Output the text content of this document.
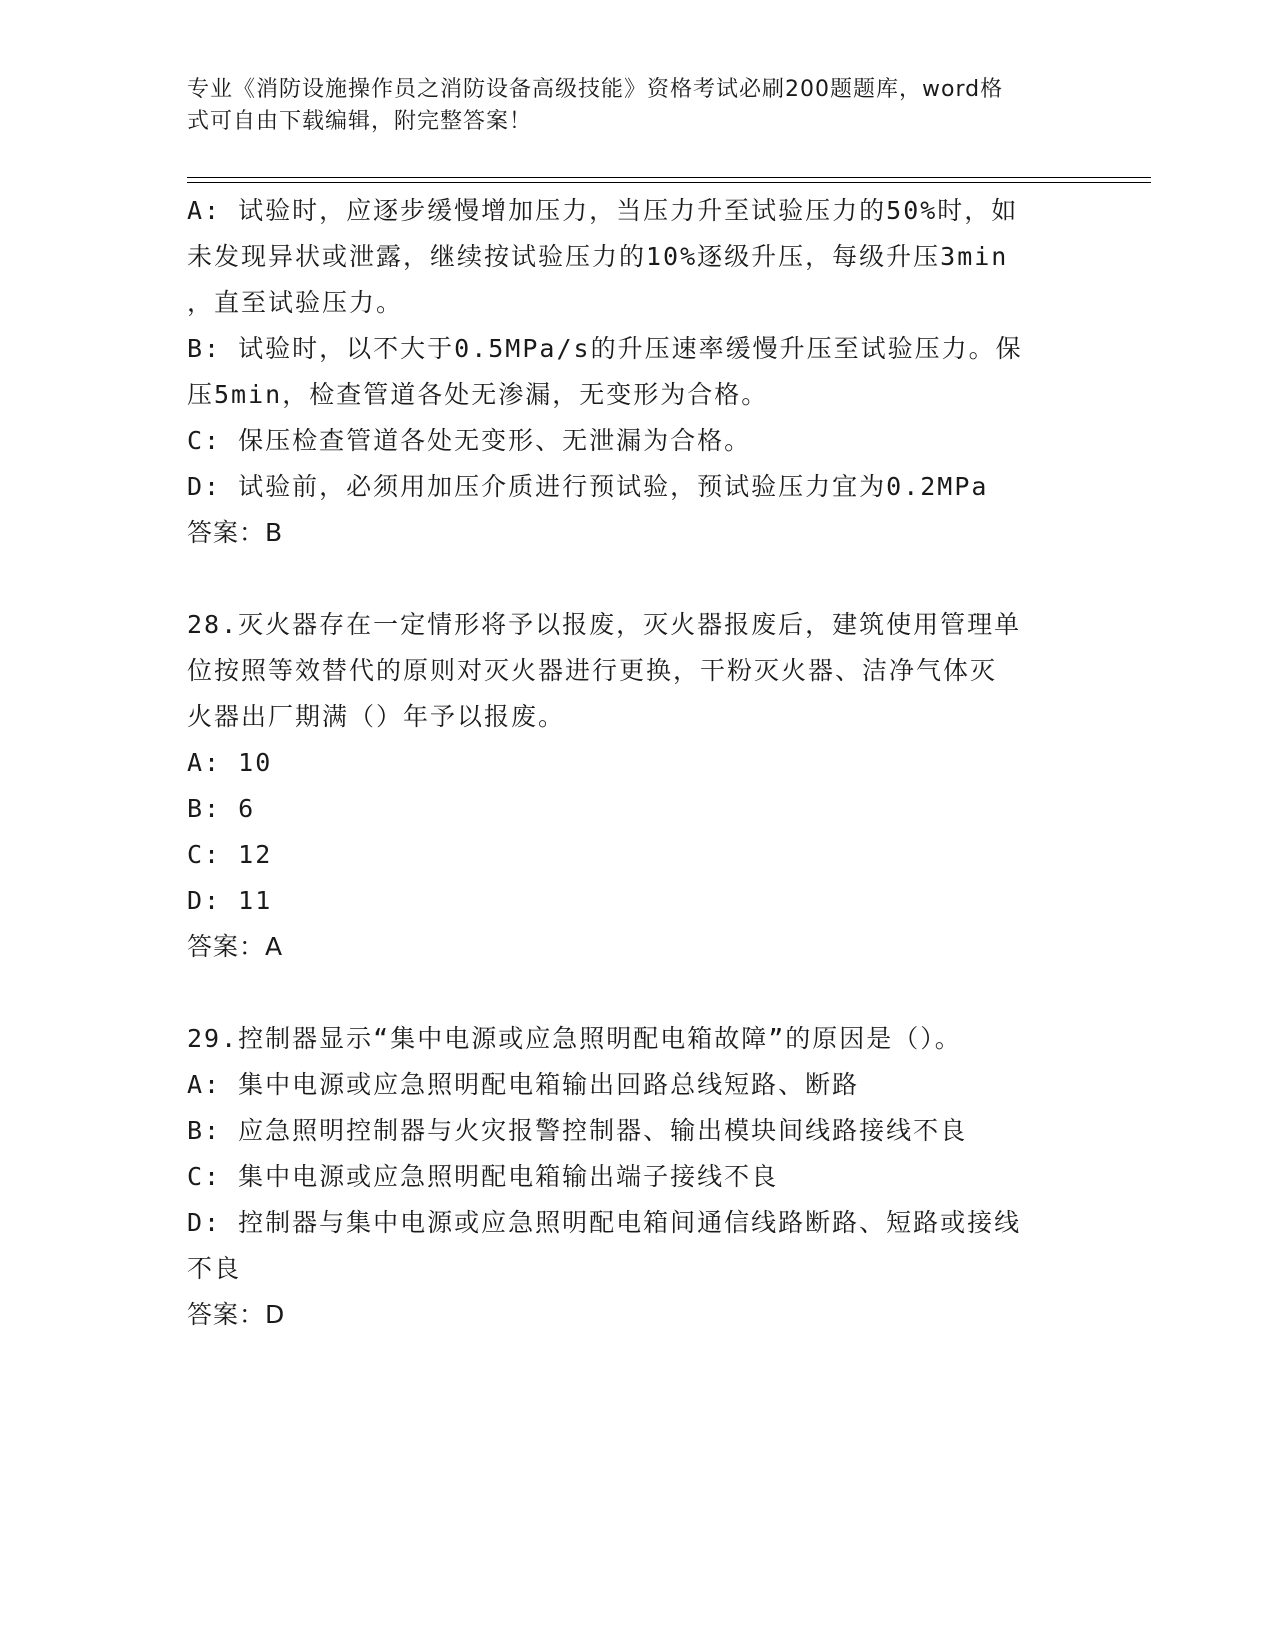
专业《消防设施操作员之消防设备高级技能》资格考试必刷200题题库，word格
式可自由下载编辑，附完整答案！
A: 试验时，应逐步缓慢增加压力，当压力升至试验压力的50%时，如
未发现异状或泄露，继续按试验压力的10%逐级升压，每级升压3min
，直至试验压力。
B: 试验时，以不大于0.5MPa/s的升压速率缓慢升压至试验压力。保
压5min，检查管道各处无渗漏，无变形为合格。
C: 保压检查管道各处无变形、无泄漏为合格。
D: 试验前，必须用加压介质进行预试验，预试验压力宜为0.2MPa
答案：B
28.灭火器存在一定情形将予以报废，灭火器报废后，建筑使用管理单
位按照等效替代的原则对灭火器进行更换，干粉灭火器、洁净气体灭
火器出厂期满（）年予以报废。
A: 10
B: 6
C: 12
D: 11
答案：A
29.控制器显示“集中电源或应急照明配电箱故障”的原因是（）。
A: 集中电源或应急照明配电箱输出回路总线短路、断路
B: 应急照明控制器与火灾报警控制器、输出模块间线路接线不良
C: 集中电源或应急照明配电箱输出端子接线不良
D: 控制器与集中电源或应急照明配电箱间通信线路断路、短路或接线
不良
答案：D
